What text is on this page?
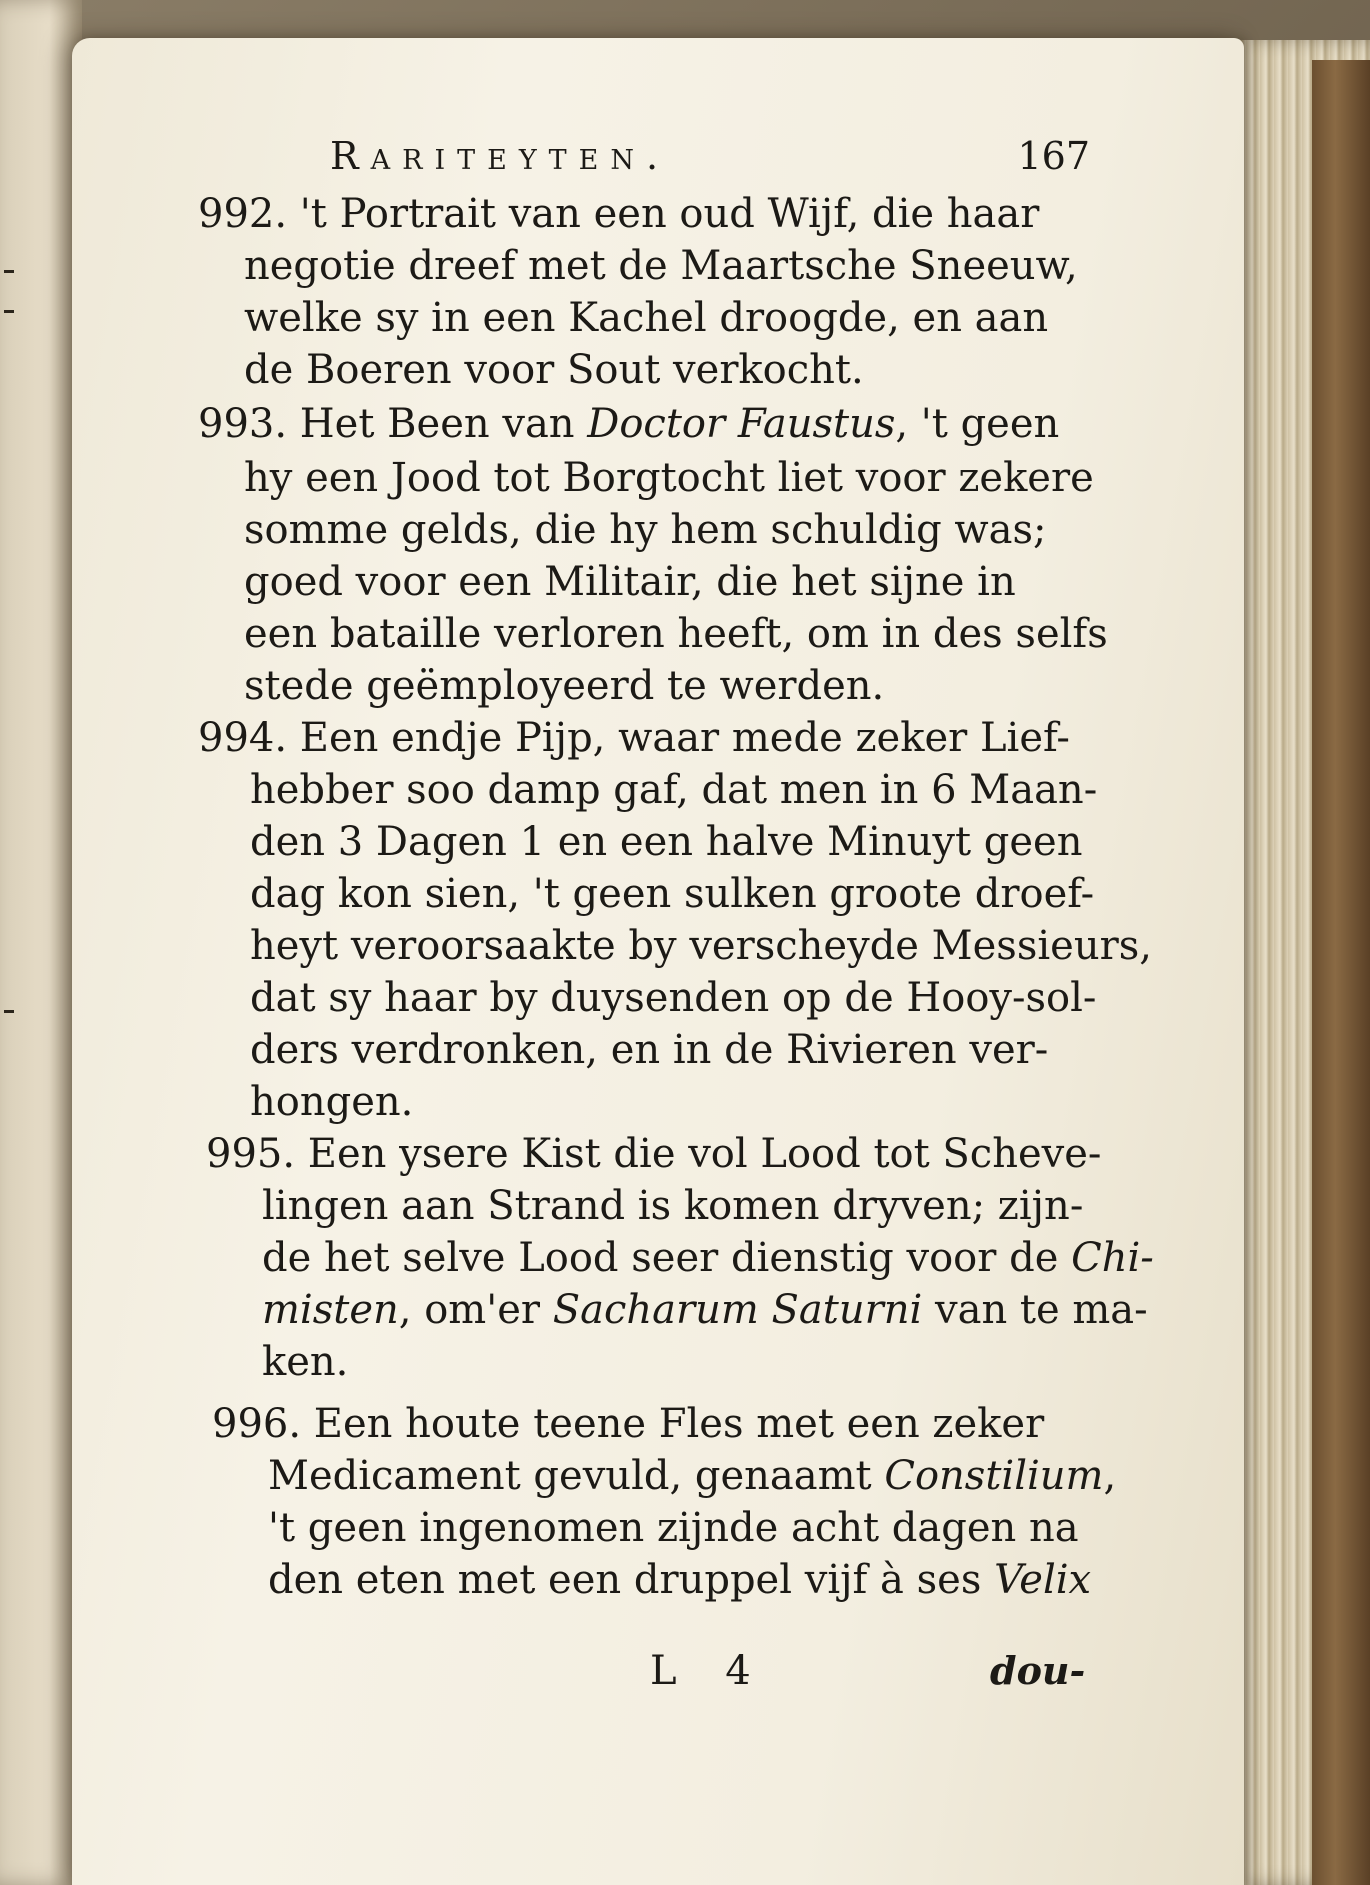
Rariteyten.	167
992. 't Portrait van een oud Wijf, die haar
negotie dreef met de Maartsche Sneeuw,
welke sy in een Kachel droogde, en aan
de Boeren voor Sout verkocht.
993. Het Been van Doctor Faustus, 't geen
hy een Jood tot Borgtocht liet voor zekere
somme gelds, die hy hem schuldig was;
goed voor een Militair, die het sijne in
een bataille verloren heeft, om in des selfs
stede geëmployeerd te werden.
994. Een endje Pijp, waar mede zeker Lief-
hebber soo damp gaf, dat men in 6 Maan-
den 3 Dagen 1 en een halve Minuyt geen
dag kon sien, 't geen sulken groote droef-
heyt veroorsaakte by verscheyde Messieurs,
dat sy haar by duysenden op de Hooy-sol-
ders verdronken, en in de Rivieren ver-
hongen.
995. Een ysere Kist die vol Lood tot Scheve-
lingen aan Strand is komen dryven; zijn-
de het selve Lood seer dienstig voor de Chi-
misten, om'er Sacharum Saturni van te ma-
ken.
996. Een houte teene Fles met een zeker
Medicament gevuld, genaamt Constilium,
't geen ingenomen zijnde acht dagen na
den eten met een druppel vijf à ses Velix
L 4	dou-
